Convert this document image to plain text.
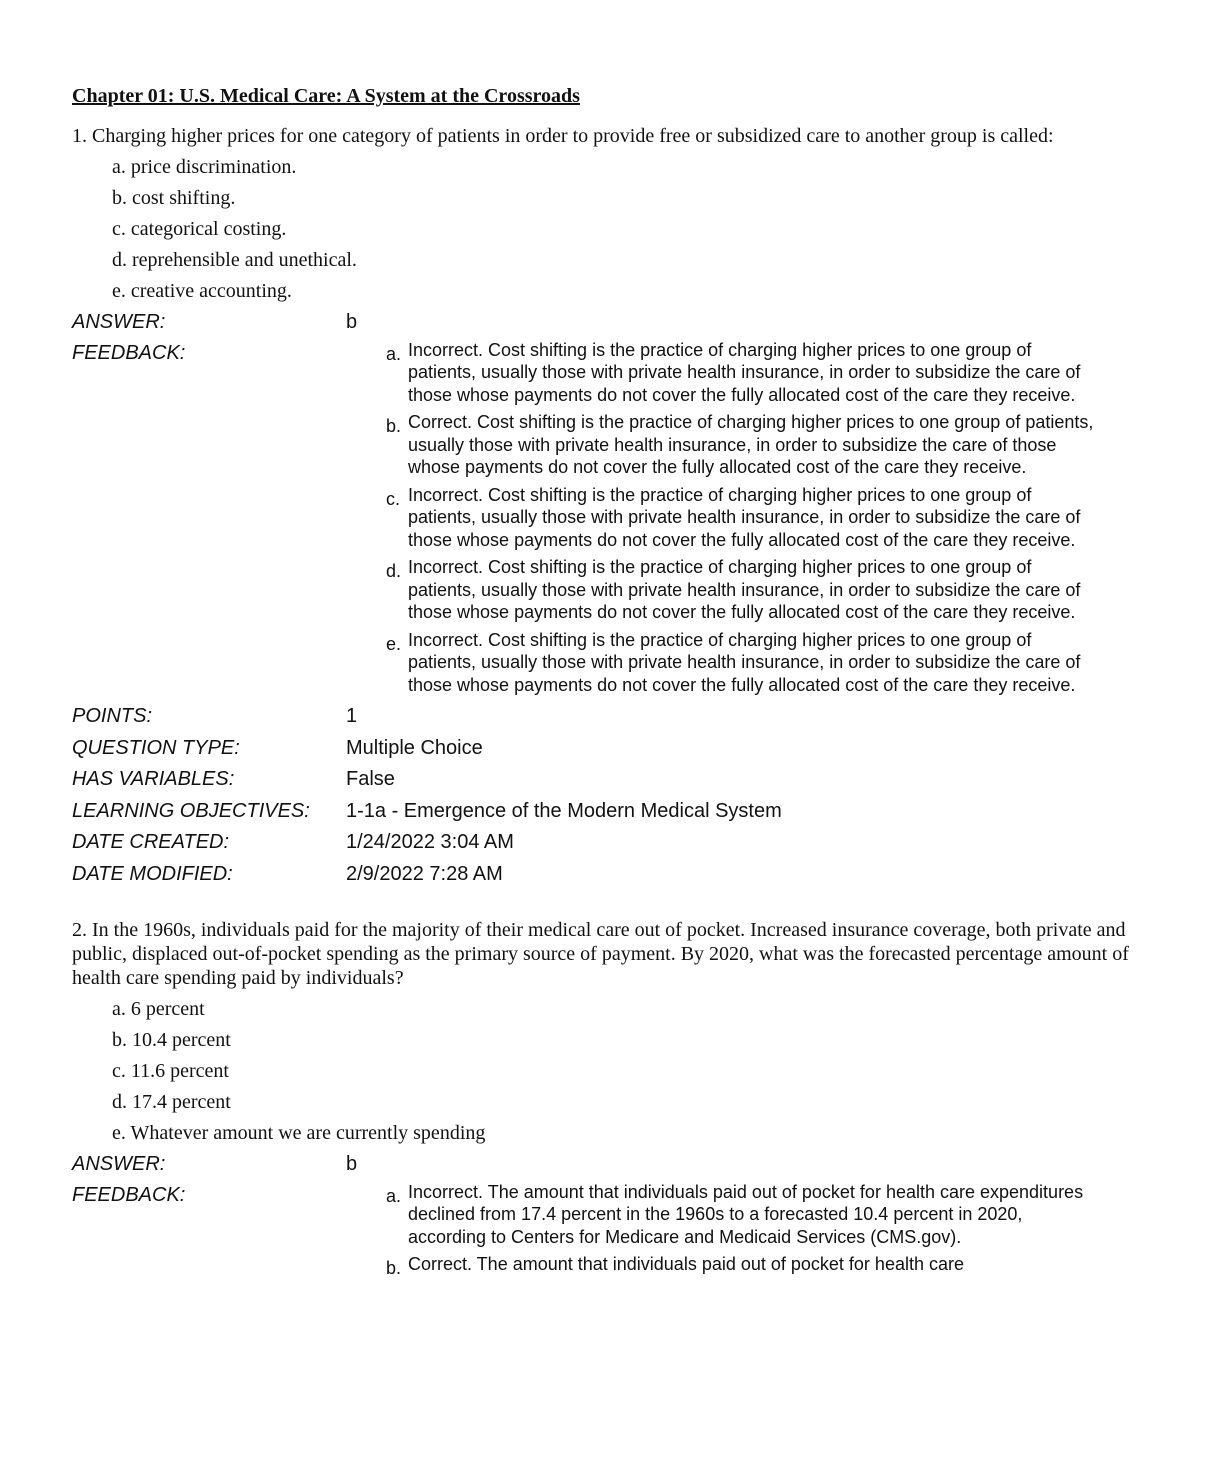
Chapter 01: U.S. Medical Care: A System at the Crossroads
1. Charging higher prices for one category of patients in order to provide free or subsidized care to another group is called:
a. price discrimination.
b. cost shifting.
c. categorical costing.
d. reprehensible and unethical.
e. creative accounting.
ANSWER:	b
FEEDBACK:	a. Incorrect. Cost shifting is the practice of charging higher prices to one group of patients, usually those with private health insurance, in order to subsidize the care of those whose payments do not cover the fully allocated cost of the care they receive.
b. Correct. Cost shifting is the practice of charging higher prices to one group of patients, usually those with private health insurance, in order to subsidize the care of those whose payments do not cover the fully allocated cost of the care they receive.
c. Incorrect. Cost shifting is the practice of charging higher prices to one group of patients, usually those with private health insurance, in order to subsidize the care of those whose payments do not cover the fully allocated cost of the care they receive.
d. Incorrect. Cost shifting is the practice of charging higher prices to one group of patients, usually those with private health insurance, in order to subsidize the care of those whose payments do not cover the fully allocated cost of the care they receive.
e. Incorrect. Cost shifting is the practice of charging higher prices to one group of patients, usually those with private health insurance, in order to subsidize the care of those whose payments do not cover the fully allocated cost of the care they receive.
POINTS:	1
QUESTION TYPE:	Multiple Choice
HAS VARIABLES:	False
LEARNING OBJECTIVES:	1-1a - Emergence of the Modern Medical System
DATE CREATED:	1/24/2022 3:04 AM
DATE MODIFIED:	2/9/2022 7:28 AM
2. In the 1960s, individuals paid for the majority of their medical care out of pocket. Increased insurance coverage, both private and public, displaced out-of-pocket spending as the primary source of payment. By 2020, what was the forecasted percentage amount of health care spending paid by individuals?
a. 6 percent
b. 10.4 percent
c. 11.6 percent
d. 17.4 percent
e. Whatever amount we are currently spending
ANSWER:	b
FEEDBACK:	a. Incorrect. The amount that individuals paid out of pocket for health care expenditures declined from 17.4 percent in the 1960s to a forecasted 10.4 percent in 2020, according to Centers for Medicare and Medicaid Services (CMS.gov).
b. Correct. The amount that individuals paid out of pocket for health care
